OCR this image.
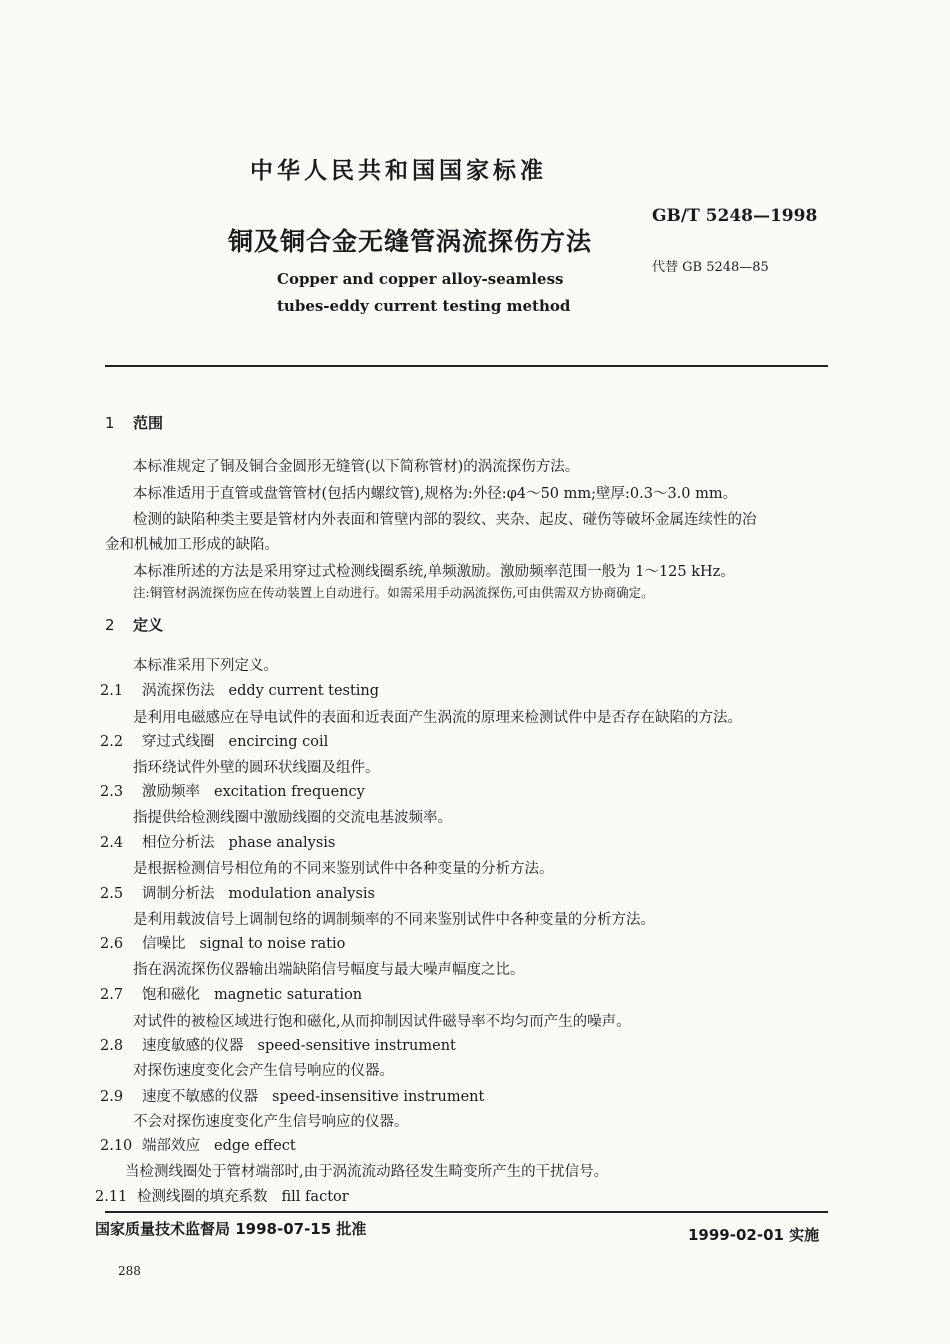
中华人民共和国国家标准
GB/T 5248—1998
铜及铜合金无缝管涡流探伤方法
代替 GB 5248—85
Copper and copper alloy-seamless
tubes-eddy current testing method
1 范围
本标准规定了铜及铜合金圆形无缝管(以下简称管材)的涡流探伤方法。
本标准适用于直管或盘管管材(包括内螺纹管),规格为:外径:φ4～50 mm;壁厚:0.3～3.0 mm。
检测的缺陷种类主要是管材内外表面和管壁内部的裂纹、夹杂、起皮、碰伤等破坏金属连续性的冶
金和机械加工形成的缺陷。
本标准所述的方法是采用穿过式检测线圈系统,单频激励。激励频率范围一般为 1～125 kHz。
注:铜管材涡流探伤应在传动装置上自动进行。如需采用手动涡流探伤,可由供需双方协商确定。
2 定义
本标准采用下列定义。
2.1 涡流探伤法 eddy current testing
是利用电磁感应在导电试件的表面和近表面产生涡流的原理来检测试件中是否存在缺陷的方法。
2.2 穿过式线圈 encircing coil
指环绕试件外壁的圆环状线圈及组件。
2.3 激励频率 excitation frequency
指提供给检测线圈中激励线圈的交流电基波频率。
2.4 相位分析法 phase analysis
是根据检测信号相位角的不同来鉴别试件中各种变量的分析方法。
2.5 调制分析法 modulation analysis
是利用载波信号上调制包络的调制频率的不同来鉴别试件中各种变量的分析方法。
2.6 信噪比 signal to noise ratio
指在涡流探伤仪器输出端缺陷信号幅度与最大噪声幅度之比。
2.7 饱和磁化 magnetic saturation
对试件的被检区域进行饱和磁化,从而抑制因试件磁导率不均匀而产生的噪声。
2.8 速度敏感的仪器 speed-sensitive instrument
对探伤速度变化会产生信号响应的仪器。
2.9 速度不敏感的仪器 speed-insensitive instrument
不会对探伤速度变化产生信号响应的仪器。
2.10 端部效应 edge effect
当检测线圈处于管材端部时,由于涡流流动路径发生畸变所产生的干扰信号。
2.11 检测线圈的填充系数 fill factor
国家质量技术监督局 1998-07-15 批准	1999-02-01 实施
288
